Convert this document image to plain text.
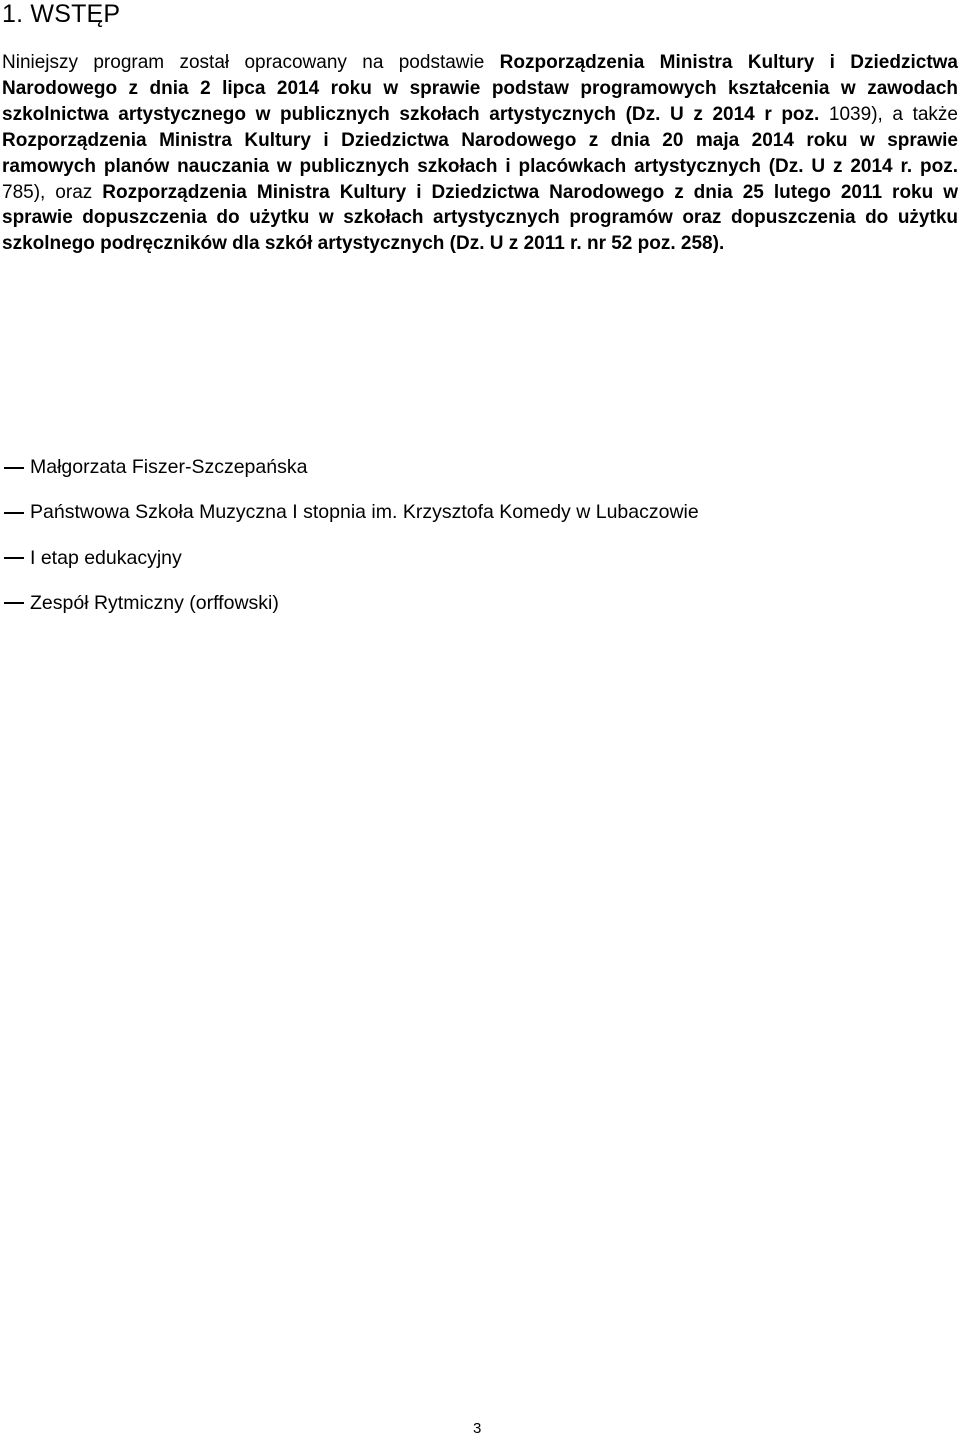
1. WSTĘP

Niniejszy program został opracowany na podstawie Rozporządzenia Ministra Kultury i Dziedzictwa Narodowego z dnia 2 lipca 2014 roku w sprawie podstaw programowych kształcenia w zawodach szkolnictwa artystycznego w publicznych szkołach artystycznych (Dz. U z 2014 r poz. 1039), a także Rozporządzenia Ministra Kultury i Dziedzictwa Narodowego z dnia 20 maja 2014 roku w sprawie ramowych planów nauczania w publicznych szkołach i placówkach artystycznych (Dz. U z 2014 r. poz. 785), oraz Rozporządzenia Ministra Kultury i Dziedzictwa Narodowego z dnia 25 lutego 2011 roku w sprawie dopuszczenia do użytku w szkołach artystycznych programów oraz dopuszczenia do użytku szkolnego podręczników dla szkół artystycznych (Dz. U z 2011 r. nr 52 poz. 258).

Małgorzata Fiszer-Szczepańska
Państwowa Szkoła Muzyczna I stopnia im. Krzysztofa Komedy w Lubaczowie
I etap edukacyjny
Zespół Rytmiczny (orffowski)
3
